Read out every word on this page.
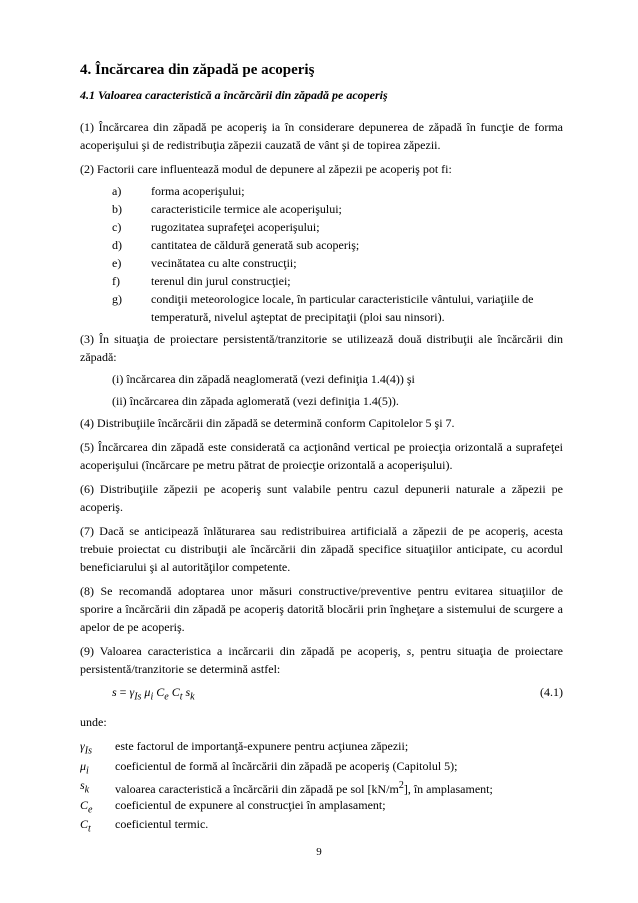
4. Încărcarea din zăpadă pe acoperiş
4.1 Valoarea caracteristică a încărcării din zăpadă pe acoperiş

(1) Încărcarea din zăpadă pe acoperiş ia în considerare depunerea de zăpadă în funcţie de forma acoperişului şi de redistribuţia zăpezii cauzată de vânt şi de topirea zăpezii.

(2) Factorii care influentează modul de depunere al zăpezii pe acoperiş pot fi:

a)	forma acoperişului;
b)	caracteristicile termice ale acoperişului;
c)	rugozitatea suprafeţei acoperişului;
d)	cantitatea de căldură generată sub acoperiş;
e)	vecinătatea cu alte construcţii;
f)	terenul din jurul construcţiei;
g)	condiţii meteorologice locale, în particular caracteristicile vântului, variaţiile de temperatură, nivelul aşteptat de precipitaţii (ploi sau ninsori).

(3) În situaţia de proiectare persistentă/tranzitorie se utilizează două distribuţii ale încărcării din zăpadă:

(i) încărcarea din zăpadă neaglomerată (vezi definiţia 1.4(4)) şi
(ii) încărcarea din zăpada aglomerată (vezi definiţia 1.4(5)).

(4) Distribuţiile încărcării din zăpadă se determină conform Capitolelor 5 şi 7.

(5) Încărcarea din zăpadă este considerată ca acţionând vertical pe proiecţia orizontală a suprafeţei acoperişului (încărcare pe metru pătrat de proiecţie orizontală a acoperişului).

(6) Distribuţiile zăpezii pe acoperiş sunt valabile pentru cazul depunerii naturale a zăpezii pe acoperiş.

(7) Dacă se anticipează înlăturarea sau redistribuirea artificială a zăpezii de pe acoperiş, acesta trebuie proiectat cu distribuţii ale încărcării din zăpadă specifice situaţiilor anticipate, cu acordul beneficiarului şi al autorităţilor competente.

(8) Se recomandă adoptarea unor măsuri constructive/preventive pentru evitarea situaţiilor de sporire a încărcării din zăpadă pe acoperiş datorită blocării prin îngheţare a sistemului de scurgere a apelor de pe acoperiş.

(9) Valoarea caracteristica a incărcarii din zăpadă pe acoperiş, s, pentru situaţia de proiectare persistentă/tranzitorie se determină astfel:

$s = \gamma_{Is}$ $\mu_i$ $C_e$ $C_t$ $s_k$	(4.1)

unde:

$\gamma_{Is}$	este factorul de importanţă-expunere pentru acţiunea zăpezii;
$\mu_i$	coeficientul de formă al încărcării din zăpadă pe acoperiş (Capitolul 5);
$s_k$	valoarea caracteristică a încărcării din zăpadă pe sol $[kN/m^2]$, în amplasament;
$C_e$	coeficientul de expunere al construcţiei în amplasament;
$C_t$	coeficientul termic.
9
